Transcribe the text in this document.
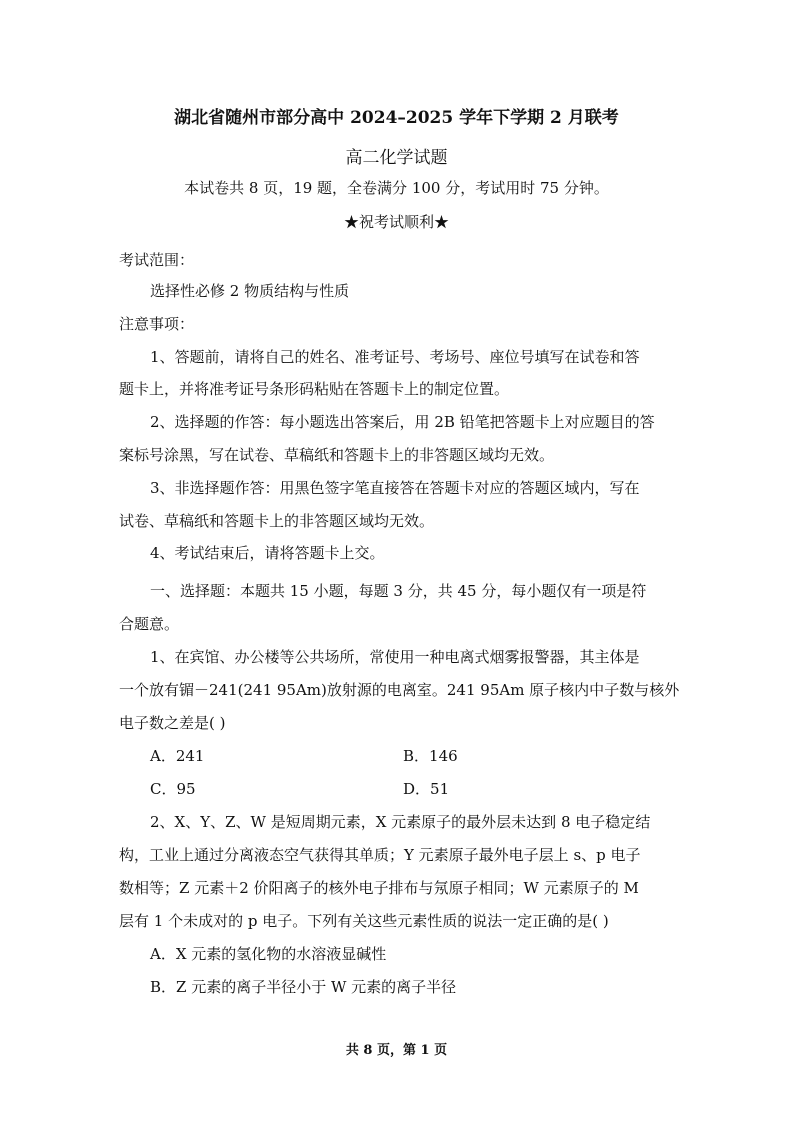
湖北省随州市部分高中 2024–2025 学年下学期 2 月联考
高二化学试题
本试卷共 8 页，19 题，全卷满分 100 分，考试用时 75 分钟。
★祝考试顺利★
考试范围：
选择性必修 2 物质结构与性质
注意事项：
1、答题前，请将自己的姓名、准考证号、考场号、座位号填写在试卷和答
题卡上，并将准考证号条形码粘贴在答题卡上的制定位置。
2、选择题的作答：每小题选出答案后，用 2B 铅笔把答题卡上对应题目的答
案标号涂黑，写在试卷、草稿纸和答题卡上的非答题区域均无效。
3、非选择题作答：用黑色签字笔直接答在答题卡对应的答题区域内，写在
试卷、草稿纸和答题卡上的非答题区域均无效。
4、考试结束后，请将答题卡上交。
一、选择题：本题共 15 小题，每题 3 分，共 45 分，每小题仅有一项是符
合题意。
1、在宾馆、办公楼等公共场所，常使用一种电离式烟雾报警器，其主体是
一个放有镅－241(241 95Am)放射源的电离室。241 95Am 原子核内中子数与核外
电子数之差是( )
A．241	B．146
C．95	D．51
2、X、Y、Z、W 是短周期元素，X 元素原子的最外层未达到 8 电子稳定结
构，工业上通过分离液态空气获得其单质；Y 元素原子最外电子层上 s、p 电子
数相等；Z 元素＋2 价阳离子的核外电子排布与氖原子相同；W 元素原子的 M
层有 1 个未成对的 p 电子。下列有关这些元素性质的说法一定正确的是( )
A．X 元素的氢化物的水溶液显碱性
B．Z 元素的离子半径小于 W 元素的离子半径
共 8 页，第 1 页
